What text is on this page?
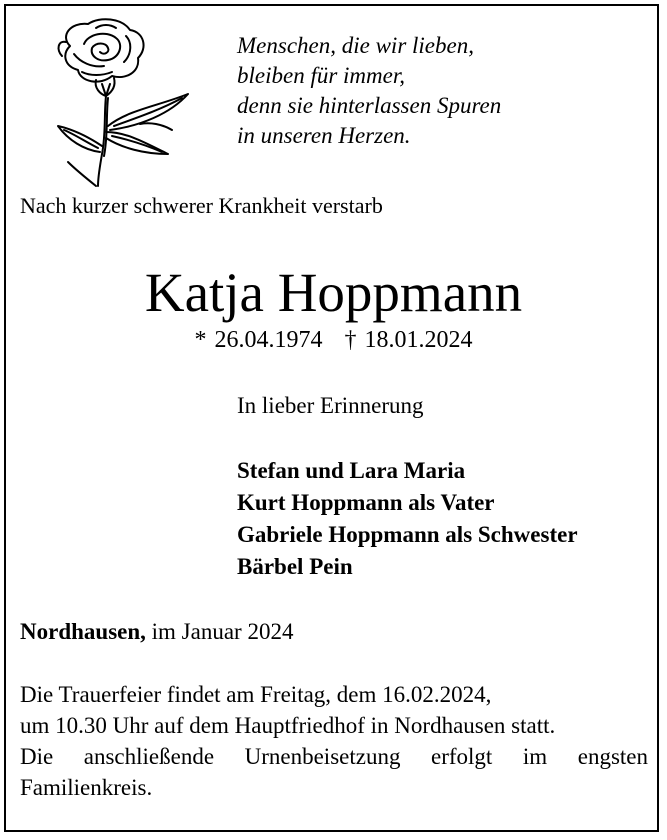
Menschen, die wir lieben,
bleiben für immer,
denn sie hinterlassen Spuren
in unseren Herzen.
Nach kurzer schwerer Krankheit verstarb
Katja Hoppmann
* 26.04.1974 † 18.01.2024
In lieber Erinnerung
Stefan und Lara Maria
Kurt Hoppmann als Vater
Gabriele Hoppmann als Schwester
Bärbel Pein
Nordhausen, im Januar 2024
Die Trauerfeier findet am Freitag, dem 16.02.2024,
um 10.30 Uhr auf dem Hauptfriedhof in Nordhausen statt.
Die anschließende Urnenbeisetzung erfolgt im engsten
Familienkreis.
